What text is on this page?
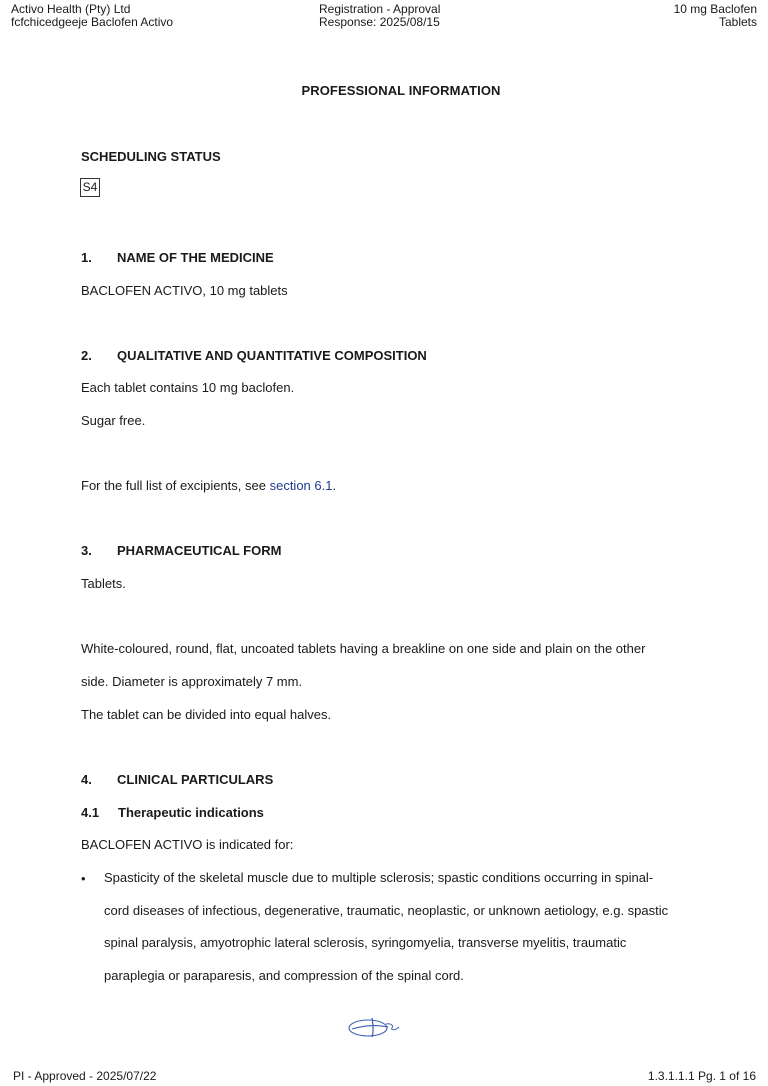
Activo Health (Pty) Ltd
fcfchicedgeeje Baclofen Activo
Registration - Approval
Response: 2025/08/15
10 mg Baclofen
Tablets
PROFESSIONAL INFORMATION
SCHEDULING STATUS
S4
1. NAME OF THE MEDICINE
BACLOFEN ACTIVO, 10 mg tablets
2. QUALITATIVE AND QUANTITATIVE COMPOSITION
Each tablet contains 10 mg baclofen.
Sugar free.
For the full list of excipients, see section 6.1.
3. PHARMACEUTICAL FORM
Tablets.
White-coloured, round, flat, uncoated tablets having a breakline on one side and plain on the other
side. Diameter is approximately 7 mm.
The tablet can be divided into equal halves.
4. CLINICAL PARTICULARS
4.1 Therapeutic indications
BACLOFEN ACTIVO is indicated for:
• Spasticity of the skeletal muscle due to multiple sclerosis; spastic conditions occurring in spinal-
cord diseases of infectious, degenerative, traumatic, neoplastic, or unknown aetiology, e.g. spastic
spinal paralysis, amyotrophic lateral sclerosis, syringomyelia, transverse myelitis, traumatic
paraplegia or paraparesis, and compression of the spinal cord.
PI - Approved - 2025/07/22	1.3.1.1.1 Pg. 1 of 16
